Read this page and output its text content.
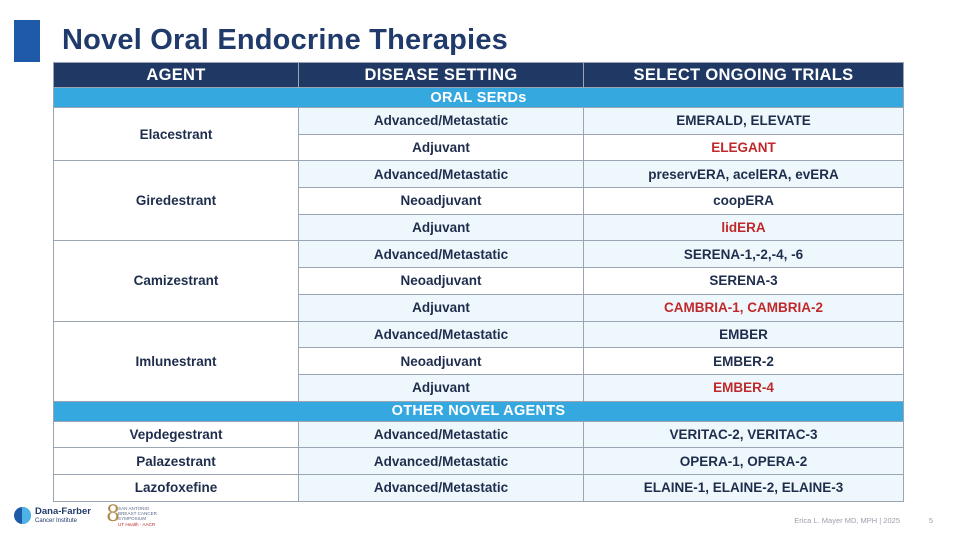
Novel Oral Endocrine Therapies
AGENT	DISEASE SETTING	SELECT ONGOING TRIALS
ORAL SERDs		
Elacestrant	Advanced/Metastatic	EMERALD, ELEVATE
	Adjuvant	ELEGANT
Giredestrant	Advanced/Metastatic	preservERA, acelERA, evERA
	Neoadjuvant	coopERA
	Adjuvant	lidERA
Camizestrant	Advanced/Metastatic	SERENA-1,-2,-4, -6
	Neoadjuvant	SERENA-3
	Adjuvant	CAMBRIA-1, CAMBRIA-2
Imlunestrant	Advanced/Metastatic	EMBER
	Neoadjuvant	EMBER-2
	Adjuvant	EMBER-4
OTHER NOVEL AGENTS		
Vepdegestrant	Advanced/Metastatic	VERITAC-2, VERITAC-3
Palazestrant	Advanced/Metastatic	OPERA-1, OPERA-2
Lazofoxefine	Advanced/Metastatic	ELAINE-1, ELAINE-2, ELAINE-3
Dana-Farber
Cancer Institute	8
SAN ANTONIO
BREAST CANCER
SYMPOSIUM
UT Health · AACR	Erica L. Mayer MD, MPH | 2025	5
